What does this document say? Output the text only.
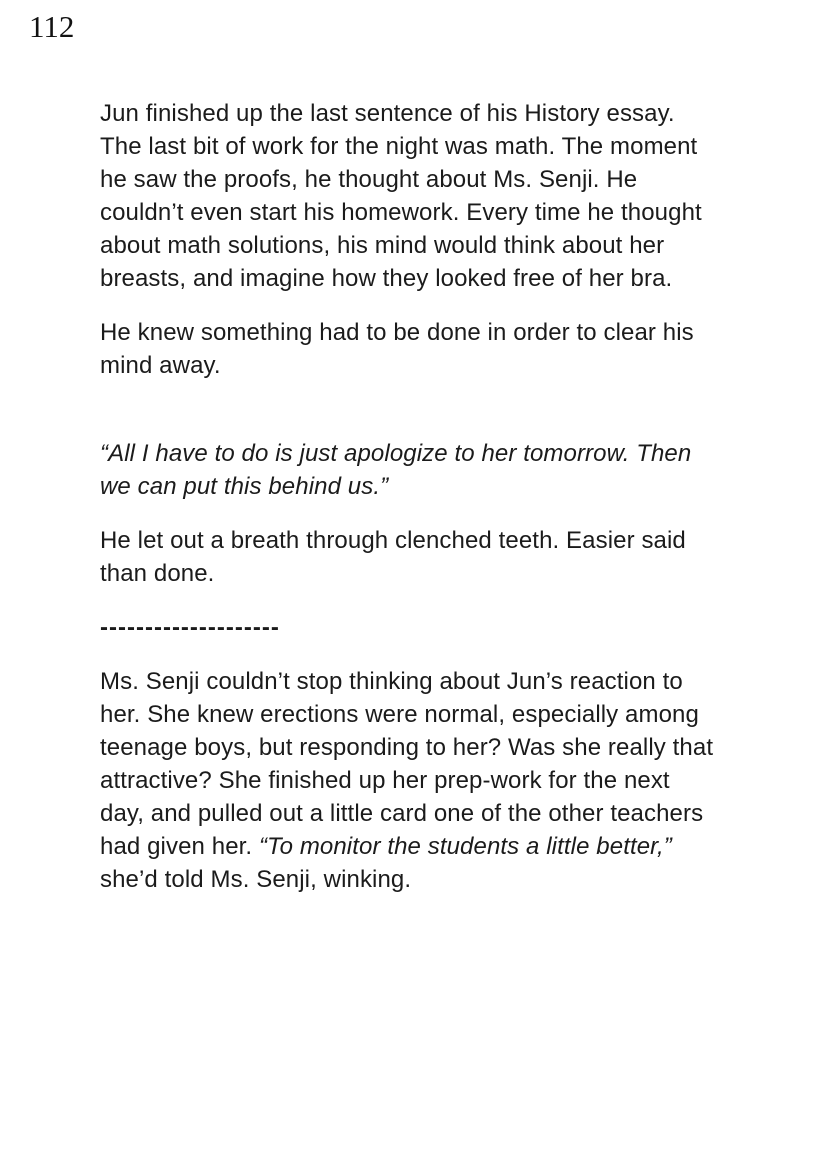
112

Jun finished up the last sentence of his History essay. The last bit of work for the night was math. The moment he saw the proofs, he thought about Ms. Senji. He couldn’t even start his homework. Every time he thought about math solutions, his mind would think about her breasts, and imagine how they looked free of her bra.

He knew something had to be done in order to clear his mind away.

“All I have to do is just apologize to her tomorrow. Then we can put this behind us.”

He let out a breath through clenched teeth. Easier said than done.

--------------------

Ms. Senji couldn’t stop thinking about Jun’s reaction to her. She knew erections were normal, especially among teenage boys, but responding to her? Was she really that attractive? She finished up her prep-work for the next day, and pulled out a little card one of the other teachers had given her. “To monitor the students a little better,” she’d told Ms. Senji, winking.
